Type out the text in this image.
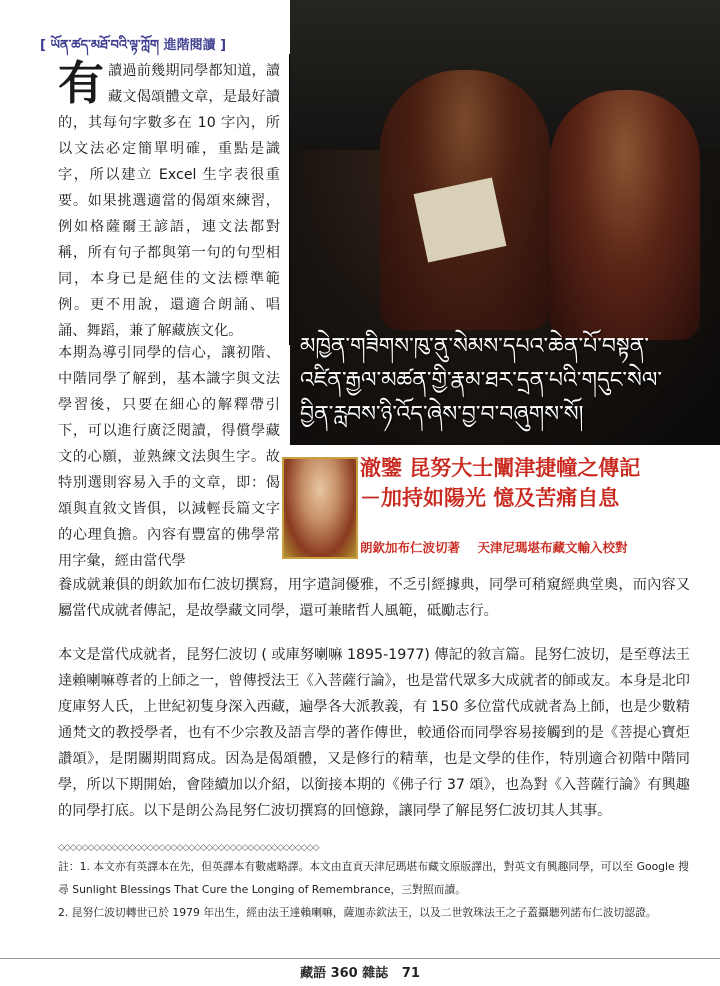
[ ཡོན་ཚད་མཐོ་བའི་ལྟ་ཀློག 進階閱讀 ]
མཁྱེན་གཟིགས་ཁུ་ནུ་སེམས་དཔའ་ཆེན་པོ་བསྟན་
འཛིན་རྒྱལ་མཚན་གྱི་རྣམ་ཐར་དྲན་པའི་གདུང་སེལ་
བྱིན་རླབས་ཉི་འོད་ཞེས་བྱ་བ་བཞུགས་སོ།
有 讀過前幾期同學都知道，讀藏文偈頌體文章，是最好讀的，其每句字數多在 10 字內，所以文法必定簡單明確，重點是識字，所以建立 Excel 生字表很重要。如果挑選適當的偈頌來練習，例如格薩爾王諺語，連文法都對稱，所有句子都與第一句的句型相同，本身已是絕佳的文法標準範例。更不用說，還適合朗誦、唱誦、舞蹈，兼了解藏族文化。
本期為導引同學的信心，讓初階、中階同學了解到，基本識字與文法學習後，只要在細心的解釋帶引下，可以進行廣泛閱讀，得償學藏文的心願，並熟練文法與生字。故特別選則容易入手的文章，即：偈頌與直敘文皆俱，以減輕長篇文字的心理負擔。內容有豐富的佛學常用字彙，經由當代學
澈鑒 昆努大士闡津捷幢之傳記
－加持如陽光 憶及苦痛自息
朗欽加布仁波切著 天津尼瑪堪布藏文輸入校對
養成就兼俱的朗欽加布仁波切撰寫，用字遣詞優雅，不乏引經據典，同學可稍窺經典堂奧，而內容又屬當代成就者傳記，是故學藏文同學，還可兼睹哲人風範，砥勵志行。
本文是當代成就者，昆努仁波切 ( 或庫努喇嘛 1895-1977) 傳記的敘言篇。昆努仁波切，是至尊法王達賴喇嘛尊者的上師之一，曾傳授法王《入菩薩行論》，也是當代眾多大成就者的師或友。本身是北印度庫努人氏，上世紀初隻身深入西藏，遍學各大派教義，有 150 多位當代成就者為上師，也是少數精通梵文的教授學者，也有不少宗教及語言學的著作傳世，較通俗而同學容易接觸到的是《菩提心寶炬讚頌》，是閉關期間寫成。因為是偈頌體，又是修行的精華，也是文學的佳作，特別適合初階中階同學，所以下期開始，會陸續加以介紹，以銜接本期的《佛子行 37 頌》，也為對《入菩薩行論》有興趣的同學打底。以下是朗公為昆努仁波切撰寫的回憶錄，讓同學了解昆努仁波切其人其事。
◇◇◇◇◇◇◇◇◇◇◇◇◇◇◇◇◇◇◇◇◇◇◇◇◇◇◇◇◇◇◇◇◇◇◇◇◇◇◇◇◇◇◇◇
註：1. 本文亦有英譯本在先，但英譯本有數處略譯。本文由直貢天津尼瑪堪布藏文原版譯出，對英文有興趣同學，可以至 Google 搜尋 Sunlight Blessings That Cure the Longing of Remembrance，三對照而讀。
2. 昆努仁波切轉世已於 1979 年出生，經由法王達賴喇嘛，薩迦赤欽法王，以及二世敦珠法王之子蓋攝聽列諾布仁波切認證。
藏語 360 雜誌 71
